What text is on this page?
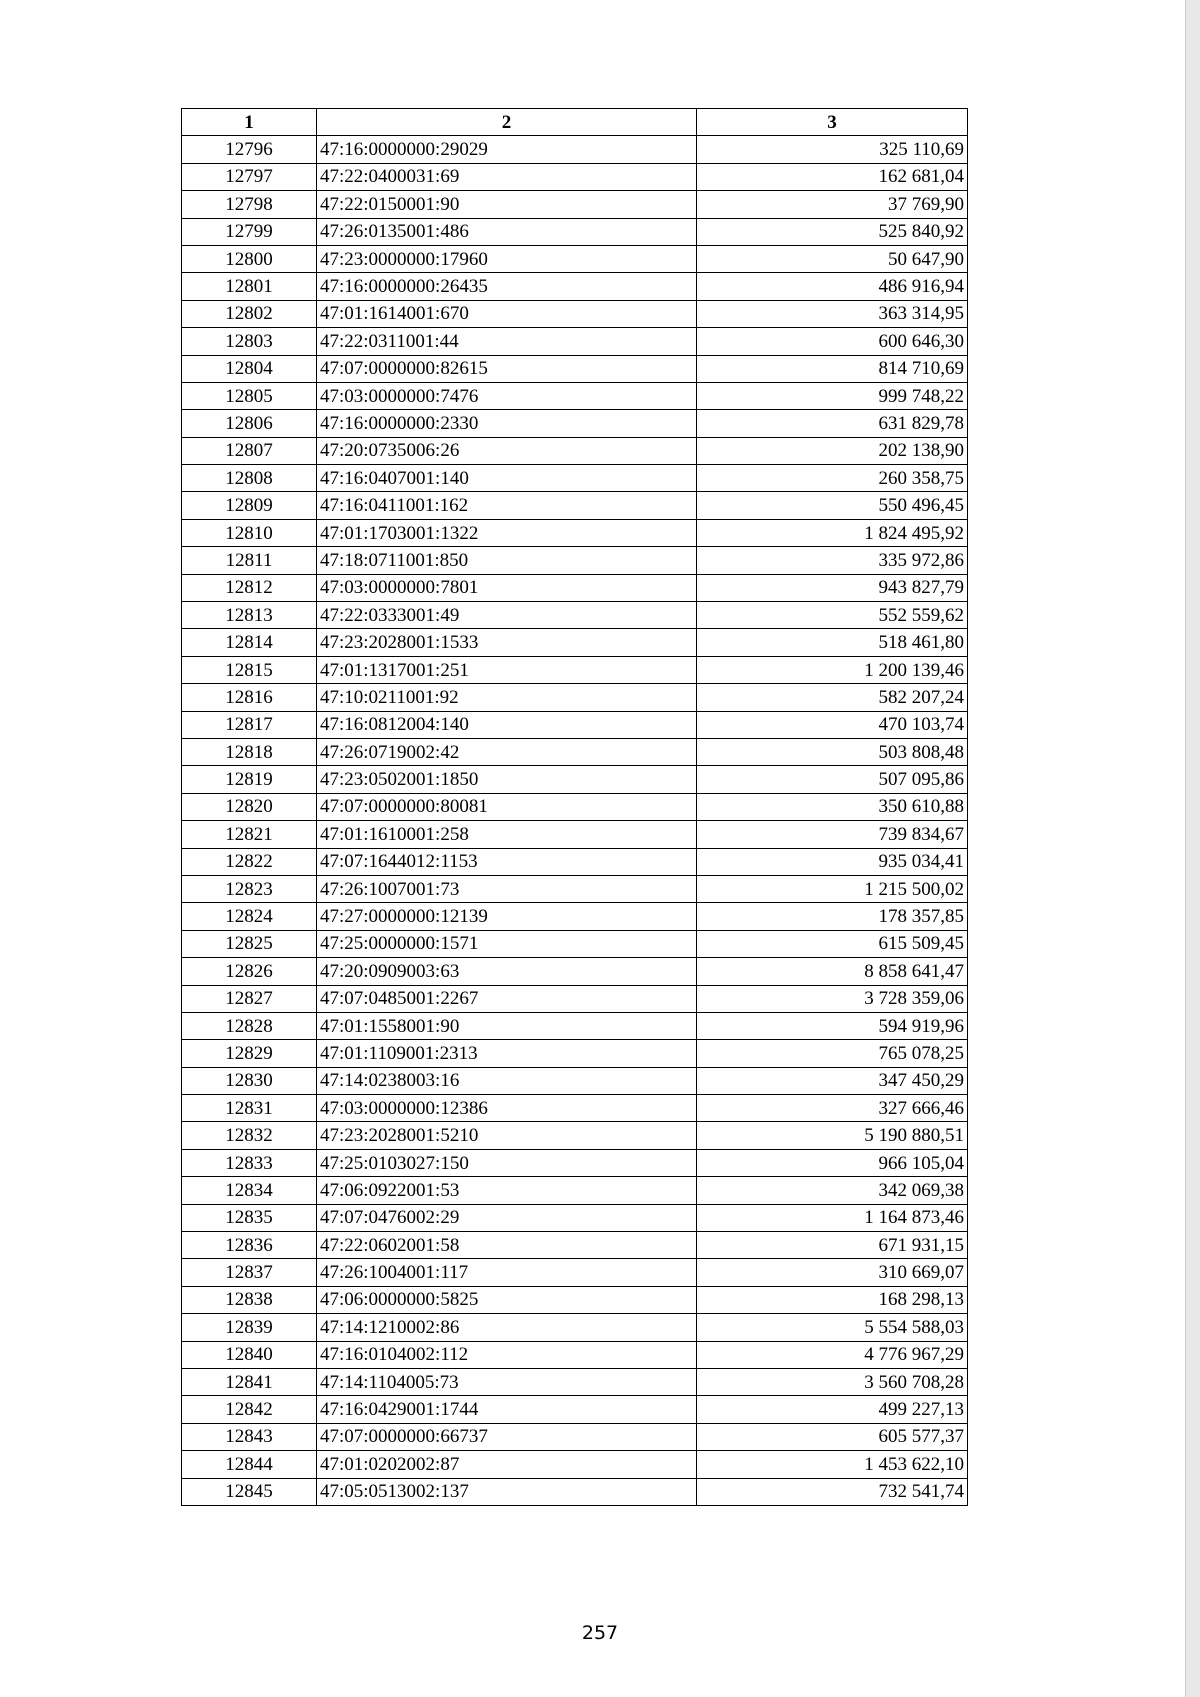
1	2	3
12796	47:16:0000000:29029	325 110,69
12797	47:22:0400031:69	162 681,04
12798	47:22:0150001:90	37 769,90
12799	47:26:0135001:486	525 840,92
12800	47:23:0000000:17960	50 647,90
12801	47:16:0000000:26435	486 916,94
12802	47:01:1614001:670	363 314,95
12803	47:22:0311001:44	600 646,30
12804	47:07:0000000:82615	814 710,69
12805	47:03:0000000:7476	999 748,22
12806	47:16:0000000:2330	631 829,78
12807	47:20:0735006:26	202 138,90
12808	47:16:0407001:140	260 358,75
12809	47:16:0411001:162	550 496,45
12810	47:01:1703001:1322	1 824 495,92
12811	47:18:0711001:850	335 972,86
12812	47:03:0000000:7801	943 827,79
12813	47:22:0333001:49	552 559,62
12814	47:23:2028001:1533	518 461,80
12815	47:01:1317001:251	1 200 139,46
12816	47:10:0211001:92	582 207,24
12817	47:16:0812004:140	470 103,74
12818	47:26:0719002:42	503 808,48
12819	47:23:0502001:1850	507 095,86
12820	47:07:0000000:80081	350 610,88
12821	47:01:1610001:258	739 834,67
12822	47:07:1644012:1153	935 034,41
12823	47:26:1007001:73	1 215 500,02
12824	47:27:0000000:12139	178 357,85
12825	47:25:0000000:1571	615 509,45
12826	47:20:0909003:63	8 858 641,47
12827	47:07:0485001:2267	3 728 359,06
12828	47:01:1558001:90	594 919,96
12829	47:01:1109001:2313	765 078,25
12830	47:14:0238003:16	347 450,29
12831	47:03:0000000:12386	327 666,46
12832	47:23:2028001:5210	5 190 880,51
12833	47:25:0103027:150	966 105,04
12834	47:06:0922001:53	342 069,38
12835	47:07:0476002:29	1 164 873,46
12836	47:22:0602001:58	671 931,15
12837	47:26:1004001:117	310 669,07
12838	47:06:0000000:5825	168 298,13
12839	47:14:1210002:86	5 554 588,03
12840	47:16:0104002:112	4 776 967,29
12841	47:14:1104005:73	3 560 708,28
12842	47:16:0429001:1744	499 227,13
12843	47:07:0000000:66737	605 577,37
12844	47:01:0202002:87	1 453 622,10
12845	47:05:0513002:137	732 541,74
257
